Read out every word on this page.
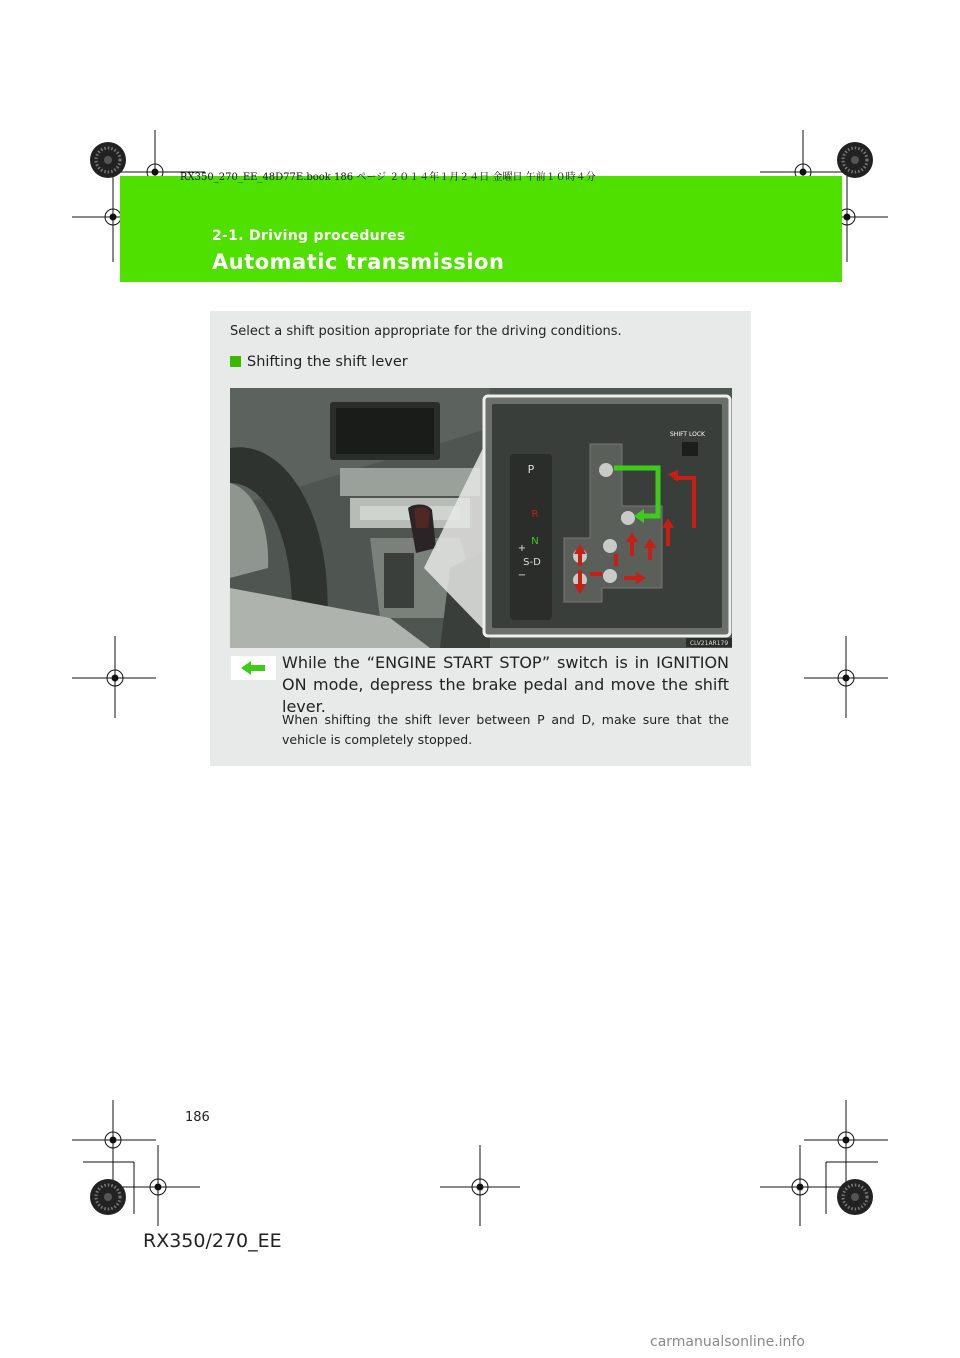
RX350_270_EE_48D77E.book 186 ページ ２０１４年１月２４日 金曜日 午前１０時４分
2-1. Driving procedures
Automatic transmission
Select a shift position appropriate for the driving conditions.
Shifting the shift lever
SHIFT LOCK
P
R
N
+
S-D
−
CLV21AR179
While the “ENGINE START STOP” switch is in IGNITION ON mode, depress the brake pedal and move the shift lever.
When shifting the shift lever between P and D, make sure that the vehicle is completely stopped.
186
RX350/270_EE
carmanualsonline.info
